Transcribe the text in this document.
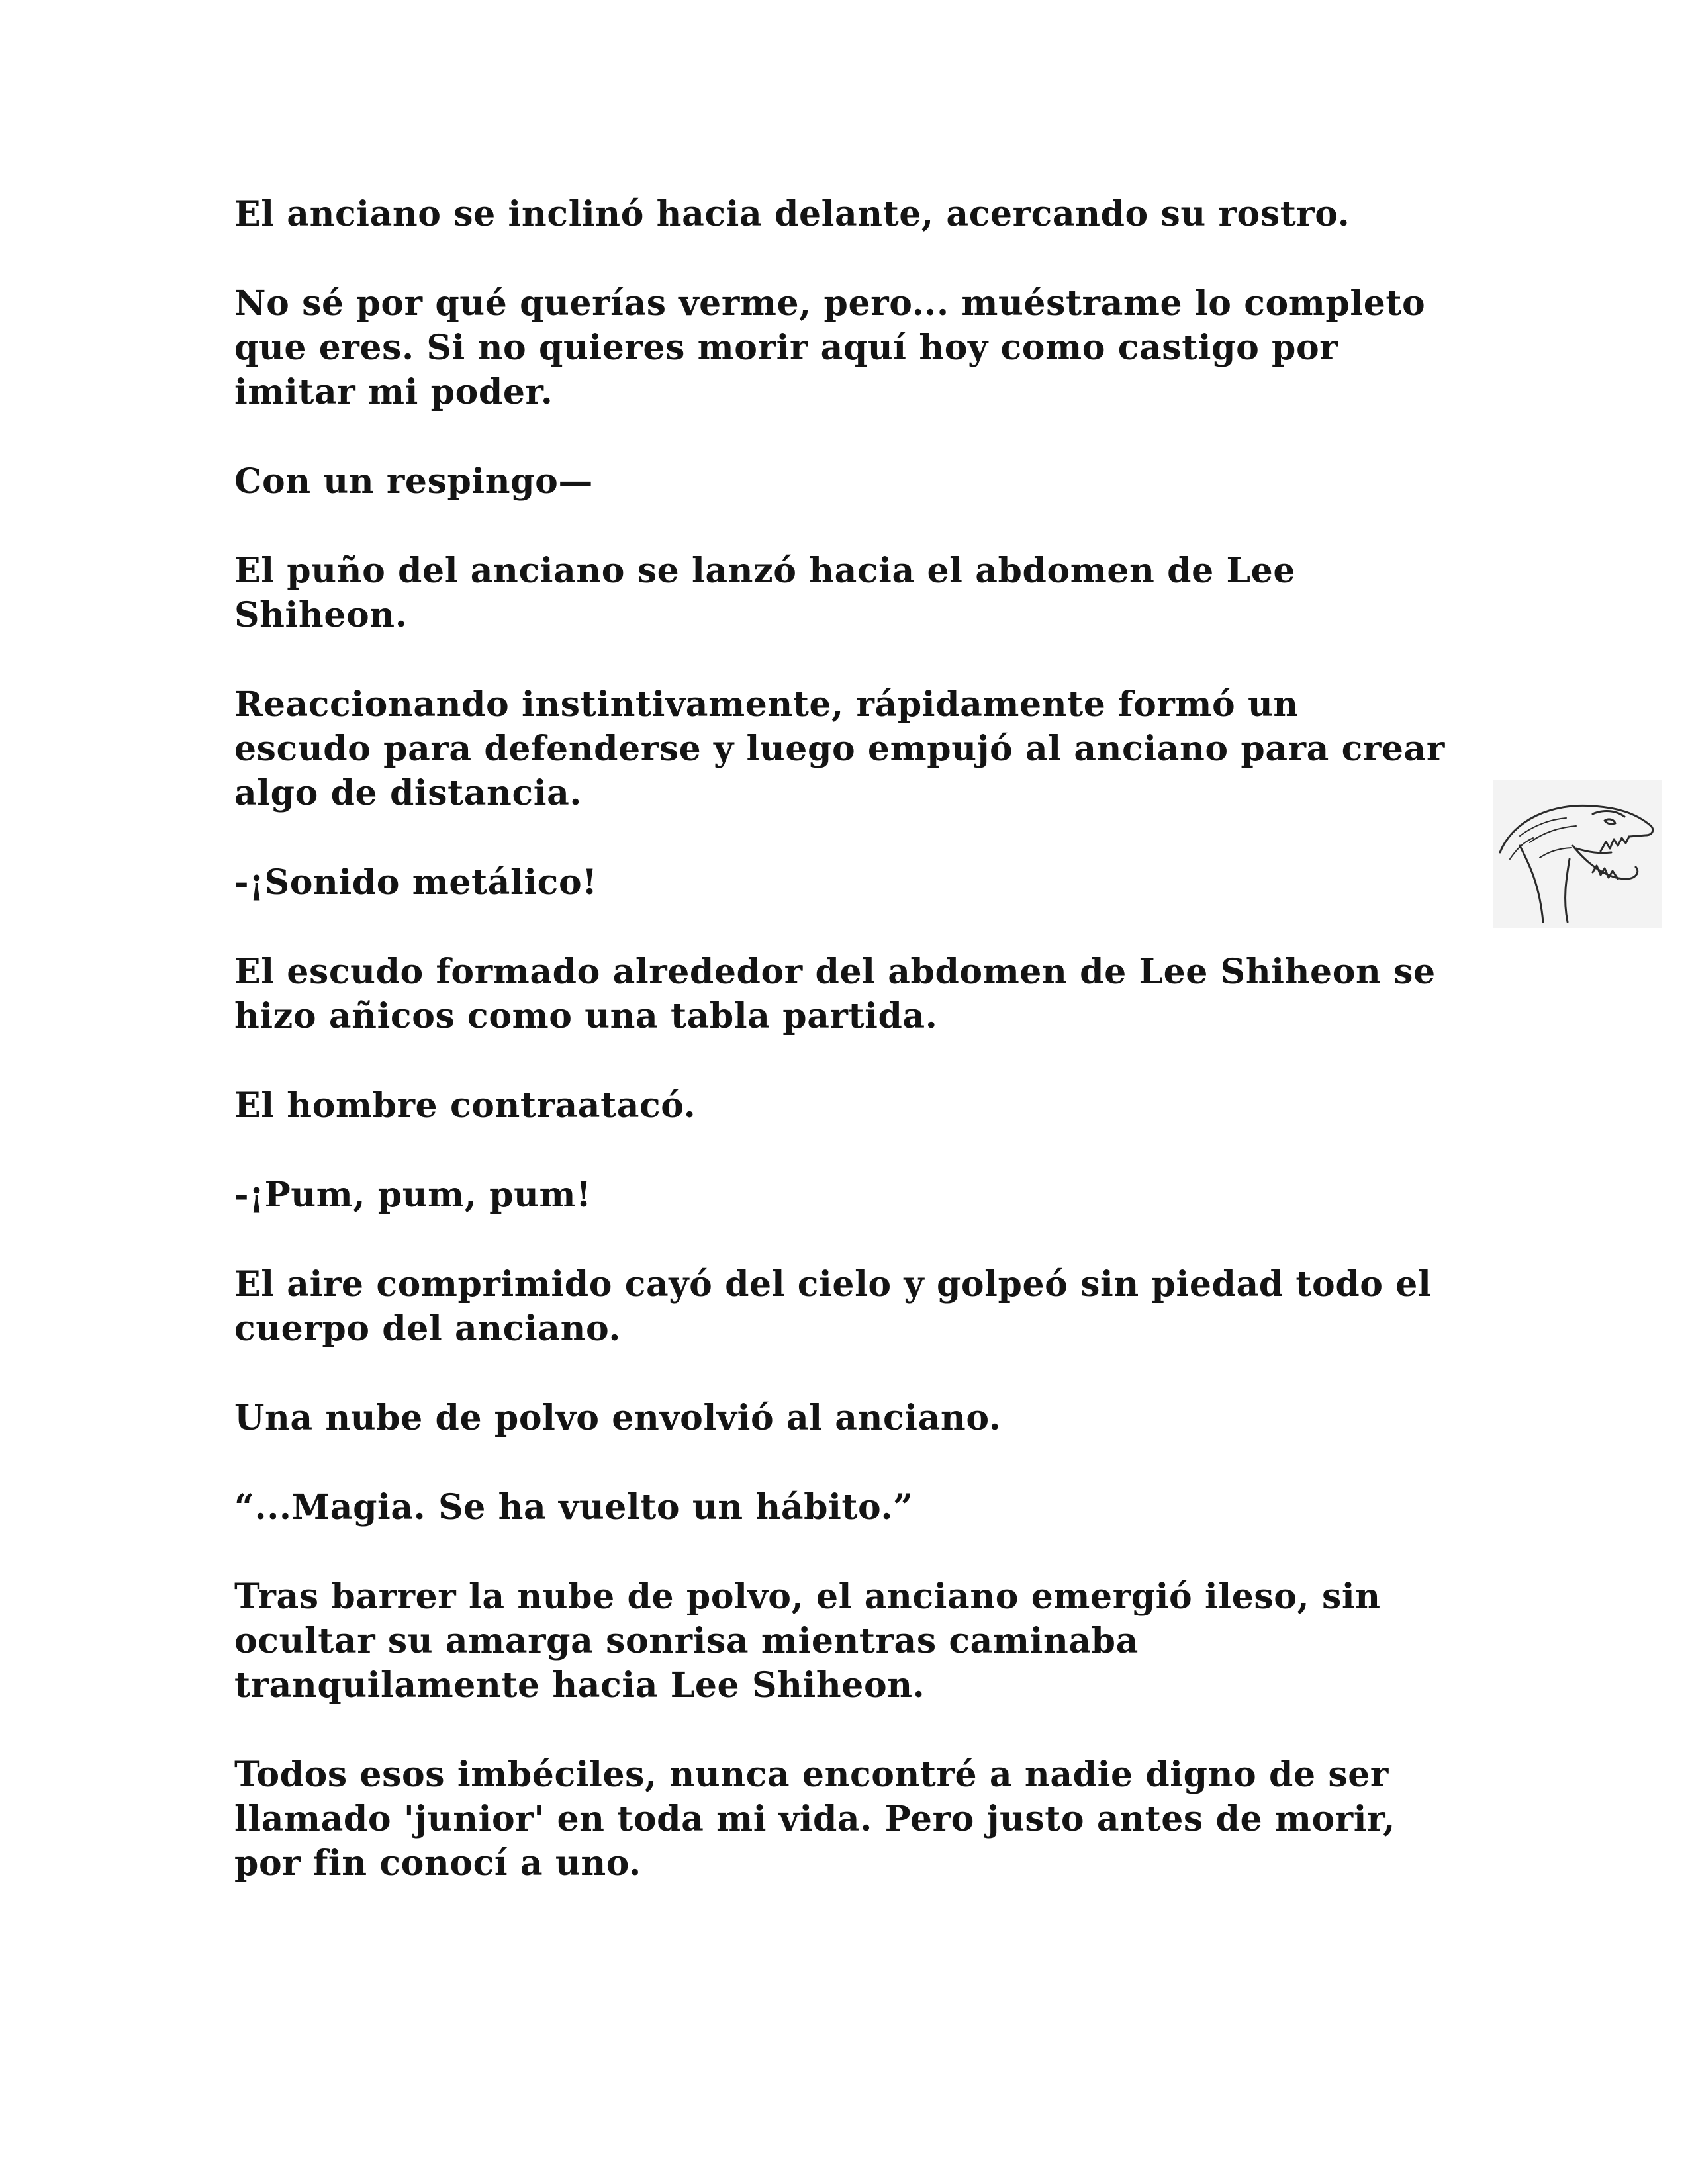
El anciano se inclinó hacia delante, acercando su rostro.

No sé por qué querías verme, pero... muéstrame lo completo
que eres. Si no quieres morir aquí hoy como castigo por
imitar mi poder.

Con un respingo—

El puño del anciano se lanzó hacia el abdomen de Lee
Shiheon.

Reaccionando instintivamente, rápidamente formó un
escudo para defenderse y luego empujó al anciano para crear
algo de distancia.

-¡Sonido metálico!

El escudo formado alrededor del abdomen de Lee Shiheon se
hizo añicos como una tabla partida.

El hombre contraatacó.

-¡Pum, pum, pum!

El aire comprimido cayó del cielo y golpeó sin piedad todo el
cuerpo del anciano.

Una nube de polvo envolvió al anciano.

“...Magia. Se ha vuelto un hábito.”

Tras barrer la nube de polvo, el anciano emergió ileso, sin
ocultar su amarga sonrisa mientras caminaba
tranquilamente hacia Lee Shiheon.

Todos esos imbéciles, nunca encontré a nadie digno de ser
llamado 'junior' en toda mi vida. Pero justo antes de morir,
por fin conocí a uno.
